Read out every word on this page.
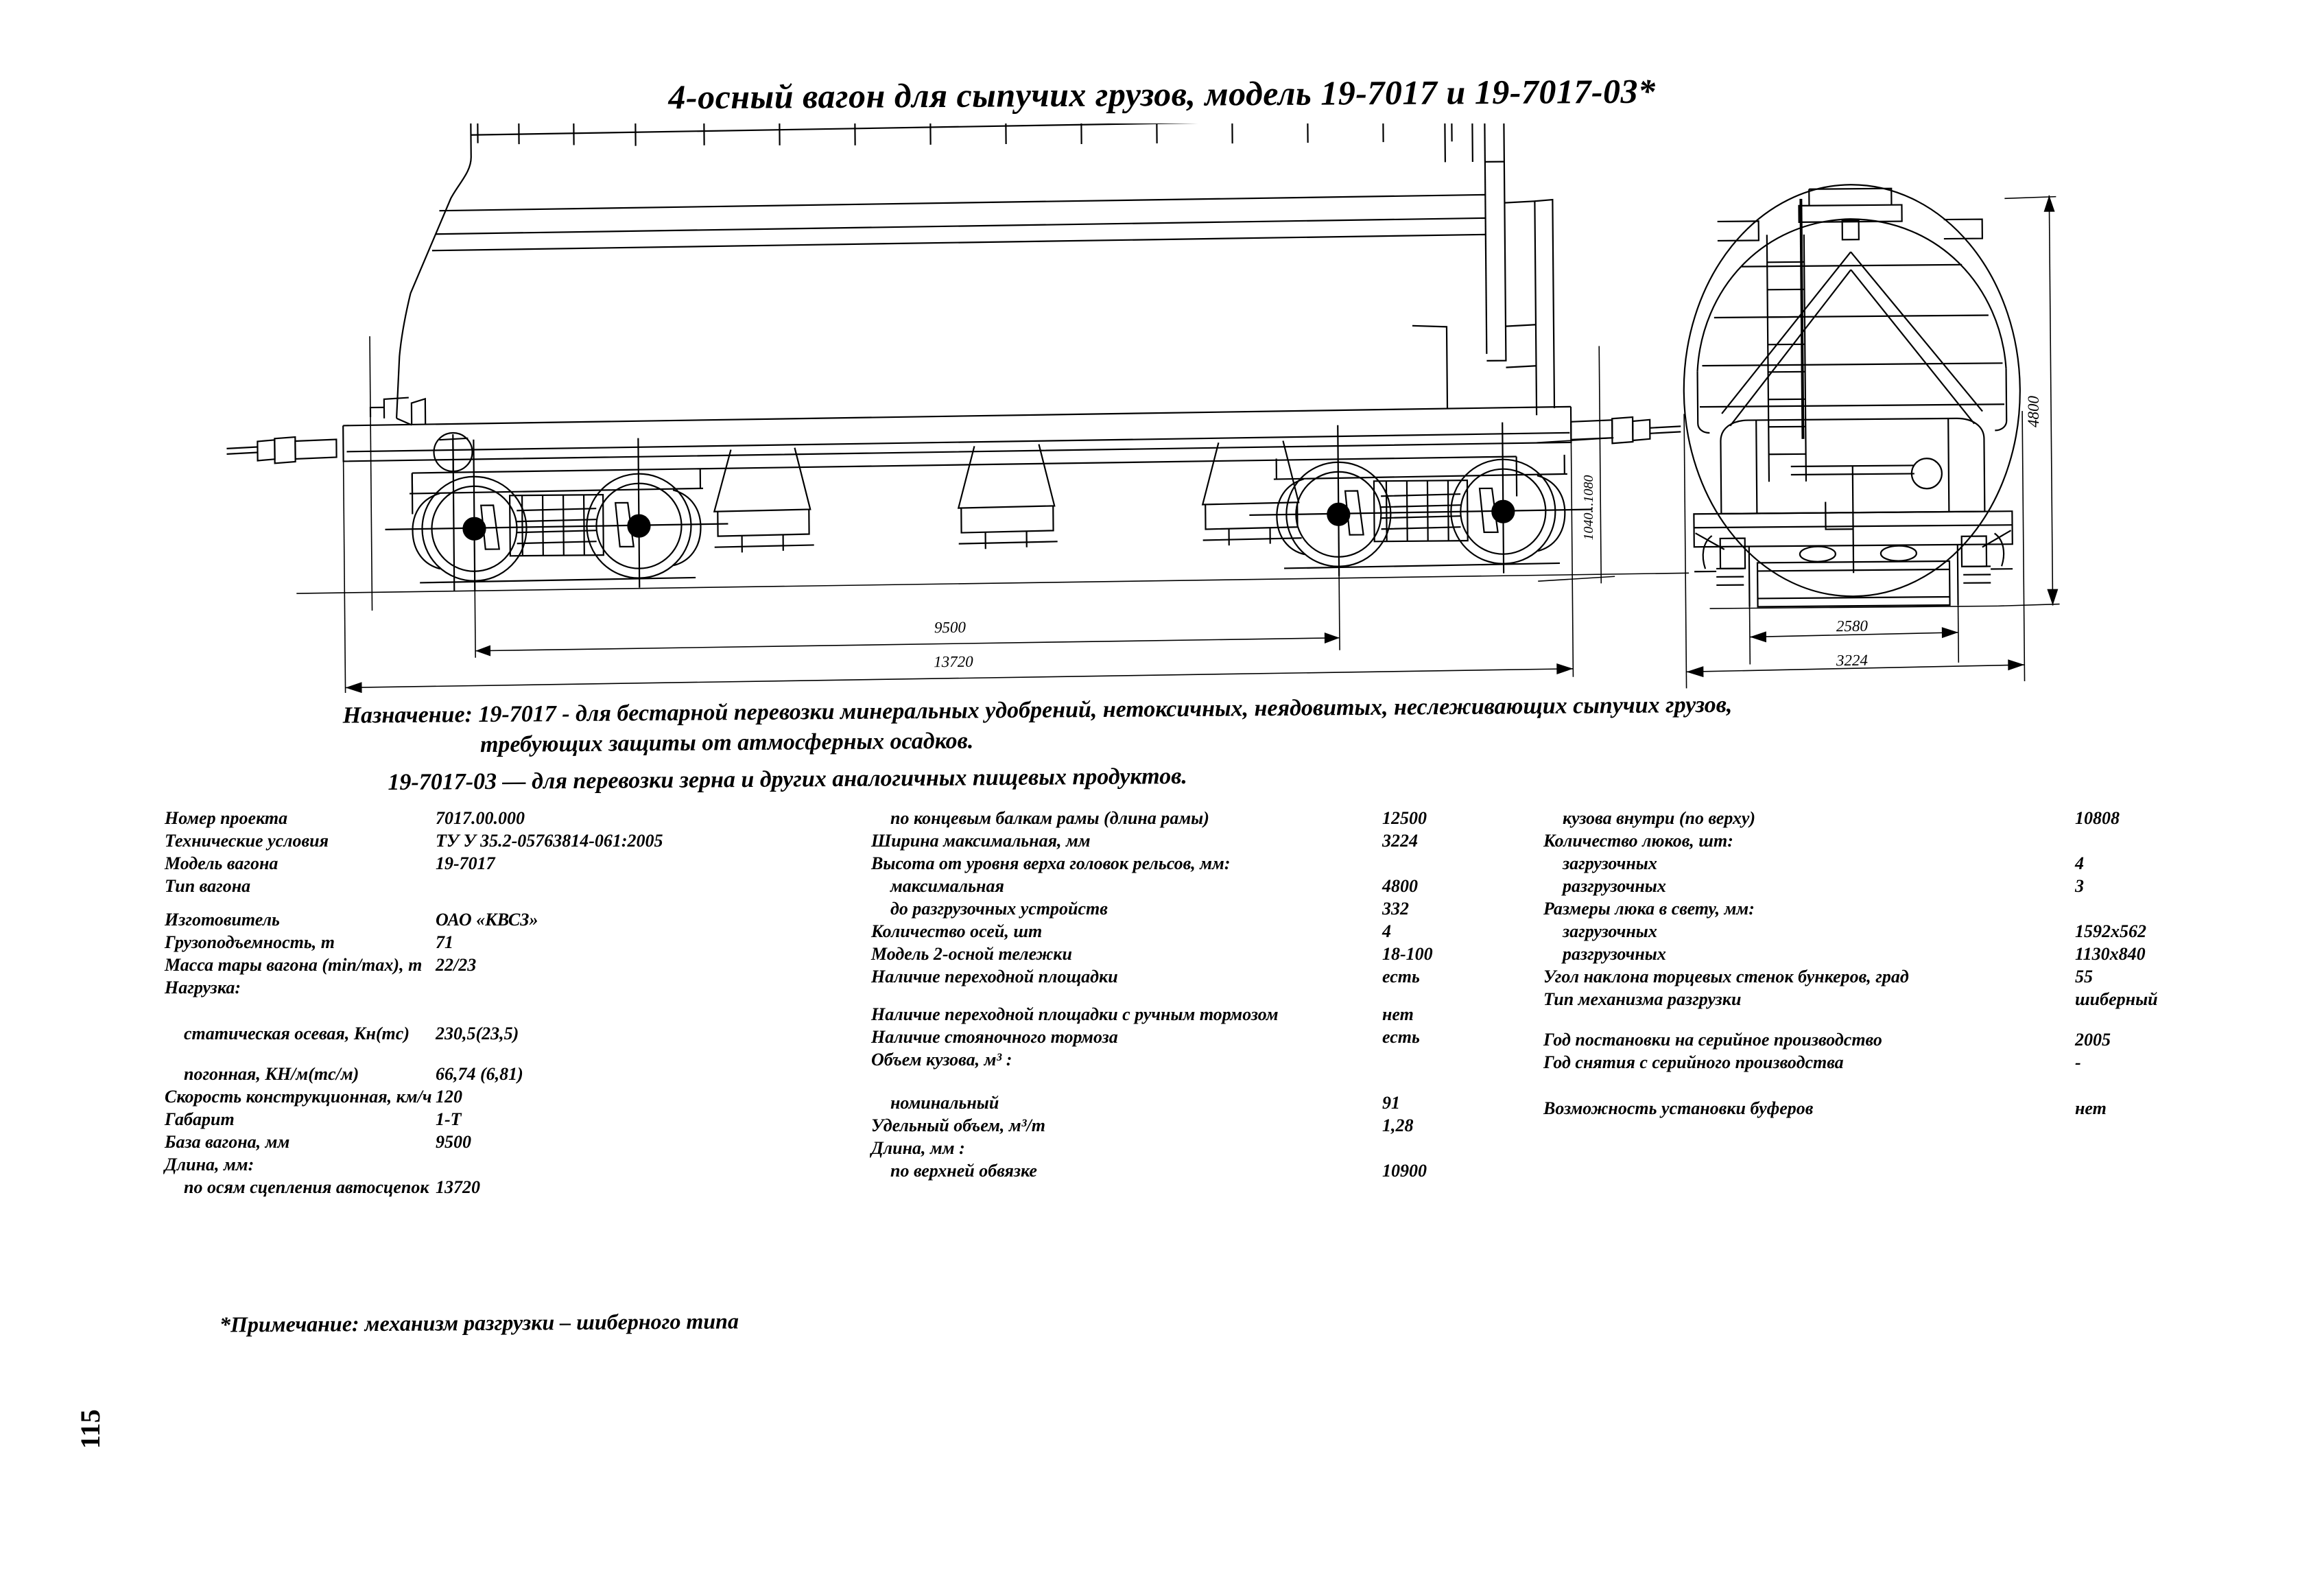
4-осный вагон для сыпучих грузов, модель 19-7017 и 19-7017-03*
9500
13720
1040...1080
2580
3224
4800
Назначение: 19-7017 - для бестарной перевозки минеральных удобрений, нетоксичных, неядовитых, неслеживающих сыпучих грузов,
требующих защиты от атмосферных осадков.
19-7017-03 — для перевозки зерна и других аналогичных пищевых продуктов.
Номер проекта	7017.00.000
Технические условия	ТУ У 35.2-05763814-061:2005
Модель вагона	19-7017
Тип вагона
Изготовитель	ОАО «КВСЗ»
Грузоподъемность, т	71
Масса тары вагона (min/max), т 22/23
Нагрузка:
статическая осевая, Кн(тс) 230,5(23,5)
погонная, КН/м(тс/м)	66,74 (6,81)
Скорость конструкционная, км/ч 120
Габарит	1-Т
База вагона, мм	9500
Длина, мм:
по осям сцепления автосцепок 13720
по концевым балкам рамы (длина рамы)	12500
Ширина максимальная, мм	3224
Высота от уровня верха головок рельсов, мм:
максимальная	4800
до разгрузочных устройств	332
Количество осей, шт	4
Модель 2-осной тележки	18-100
Наличие переходной площадки	есть
Наличие переходной площадки с ручным тормозом	нет
Наличие стояночного тормоза	есть
Объем кузова, м³ :
номинальный	91
Удельный объем, м³/т	1,28
Длина, мм :
по верхней обвязке	10900
кузова внутри (по верху)	10808
Количество люков, шт:
загрузочных	4
разгрузочных	3
Размеры люка в свету, мм:
загрузочных	1592х562
разгрузочных	1130х840
Угол наклона торцевых стенок бункеров, град	55
Тип механизма разгрузки	шиберный
Год постановки на серийное производство	2005
Год снятия с серийного производства	-
Возможность установки буферов	нет
*Примечание: механизм разгрузки – шиберного типа
115
